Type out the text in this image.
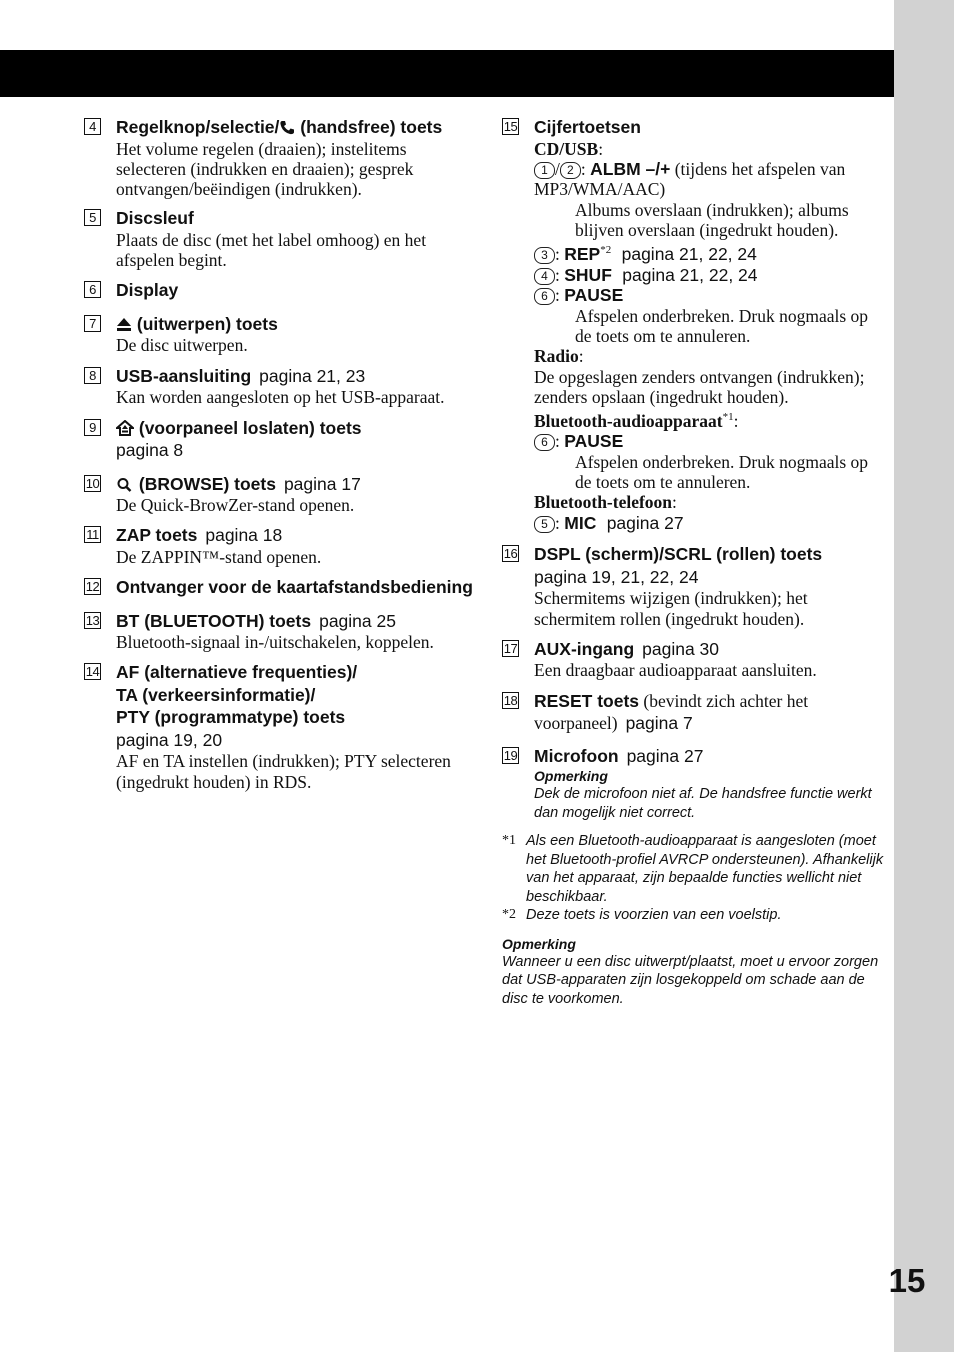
4 Regelknop/selectie/ (handsfree) toets
Het volume regelen (draaien); instelitems selecteren (indrukken en draaien); gesprek ontvangen/beëindigen (indrukken).
5 Discsleuf
Plaats de disc (met het label omhoog) en het afspelen begint.
6 Display
7	(uitwerpen) toets
De disc uitwerpen.
8 USB-aansluiting pagina 21, 23
Kan worden aangesloten op het USB-apparaat.
9	(voorpaneel loslaten) toets
pagina 8
10	(BROWSE) toets pagina 17
De Quick-BrowZer-stand openen.
11 ZAP toets pagina 18
De ZAPPIN™-stand openen.
12 Ontvanger voor de kaartafstandsbediening
13 BT (BLUETOOTH) toets pagina 25
Bluetooth-signaal in-/uitschakelen, koppelen.
14 AF (alternatieve frequenties)/
TA (verkeersinformatie)/
PTY (programmatype) toets
pagina 19, 20
AF en TA instellen (indrukken); PTY selecteren (ingedrukt houden) in RDS.
15 Cijfertoetsen
CD/USB:
1 / 2 : ALBM –/+ (tijdens het afspelen van MP3/WMA/AAC)
Albums overslaan (indrukken); albums blijven overslaan (ingedrukt houden).
3 : REP$^{*2}$ pagina 21, 22, 24
4 : SHUF pagina 21, 22, 24
6 : PAUSE
Afspelen onderbreken. Druk nogmaals op de toets om te annuleren.
Radio:
De opgeslagen zenders ontvangen (indrukken); zenders opslaan (ingedrukt houden).
Bluetooth-audioapparaat$^{*1}$:
6 : PAUSE
Afspelen onderbreken. Druk nogmaals op de toets om te annuleren.
Bluetooth-telefoon:
5 : MIC pagina 27
16 DSPL (scherm)/SCRL (rollen) toets
pagina 19, 21, 22, 24
Schermitems wijzigen (indrukken); het schermitem rollen (ingedrukt houden).
17 AUX-ingang pagina 30
Een draagbaar audioapparaat aansluiten.
18 RESET toets (bevindt zich achter het voorpaneel) pagina 7
19 Microfoon pagina 27
Opmerking
Dek de microfoon niet af. De handsfree functie werkt dan mogelijk niet correct.
*1 Als een Bluetooth-audioapparaat is aangesloten (moet het Bluetooth-profiel AVRCP ondersteunen). Afhankelijk van het apparaat, zijn bepaalde functies wellicht niet beschikbaar.
*2 Deze toets is voorzien van een voelstip.
Opmerking
Wanneer u een disc uitwerpt/plaatst, moet u ervoor zorgen dat USB-apparaten zijn losgekoppeld om schade aan de disc te voorkomen.
15
